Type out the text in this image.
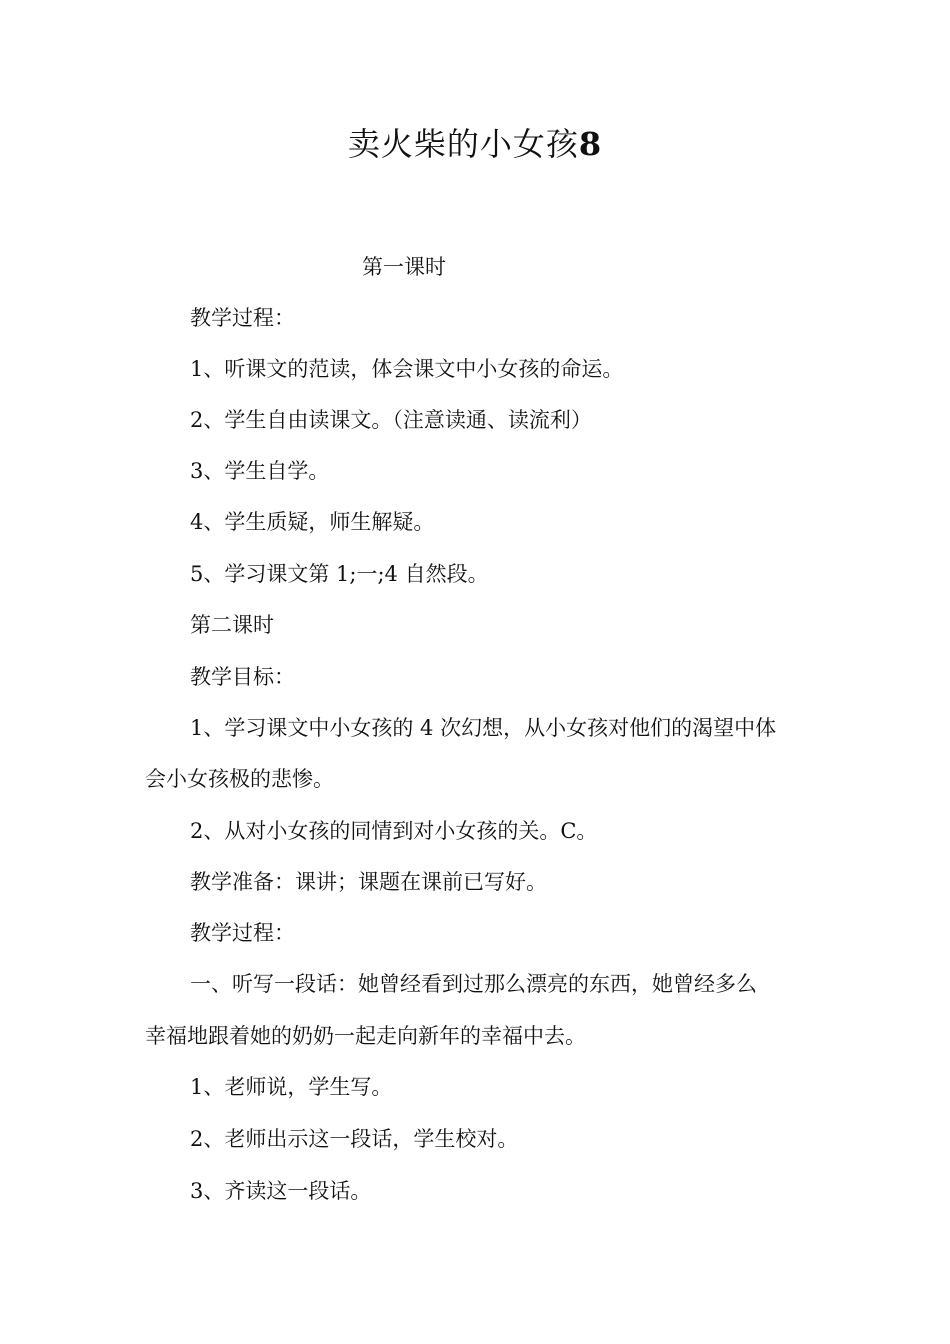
卖火柴的小女孩8
第一课时
教学过程：
1、听课文的范读，体会课文中小女孩的命运。
2、学生自由读课文。（注意读通、读流利）
3、学生自学。
4、学生质疑，师生解疑。
5、学习课文第 1;一;4 自然段。
第二课时
教学目标：
1、学习课文中小女孩的 4 次幻想，从小女孩对他们的渴望中体
会小女孩极的悲惨。
2、从对小女孩的同情到对小女孩的关。C。
教学准备：课讲；课题在课前已写好。
教学过程：
一、听写一段话：她曾经看到过那么漂亮的东西，她曾经多么
幸福地跟着她的奶奶一起走向新年的幸福中去。
1、老师说，学生写。
2、老师出示这一段话，学生校对。
3、齐读这一段话。
